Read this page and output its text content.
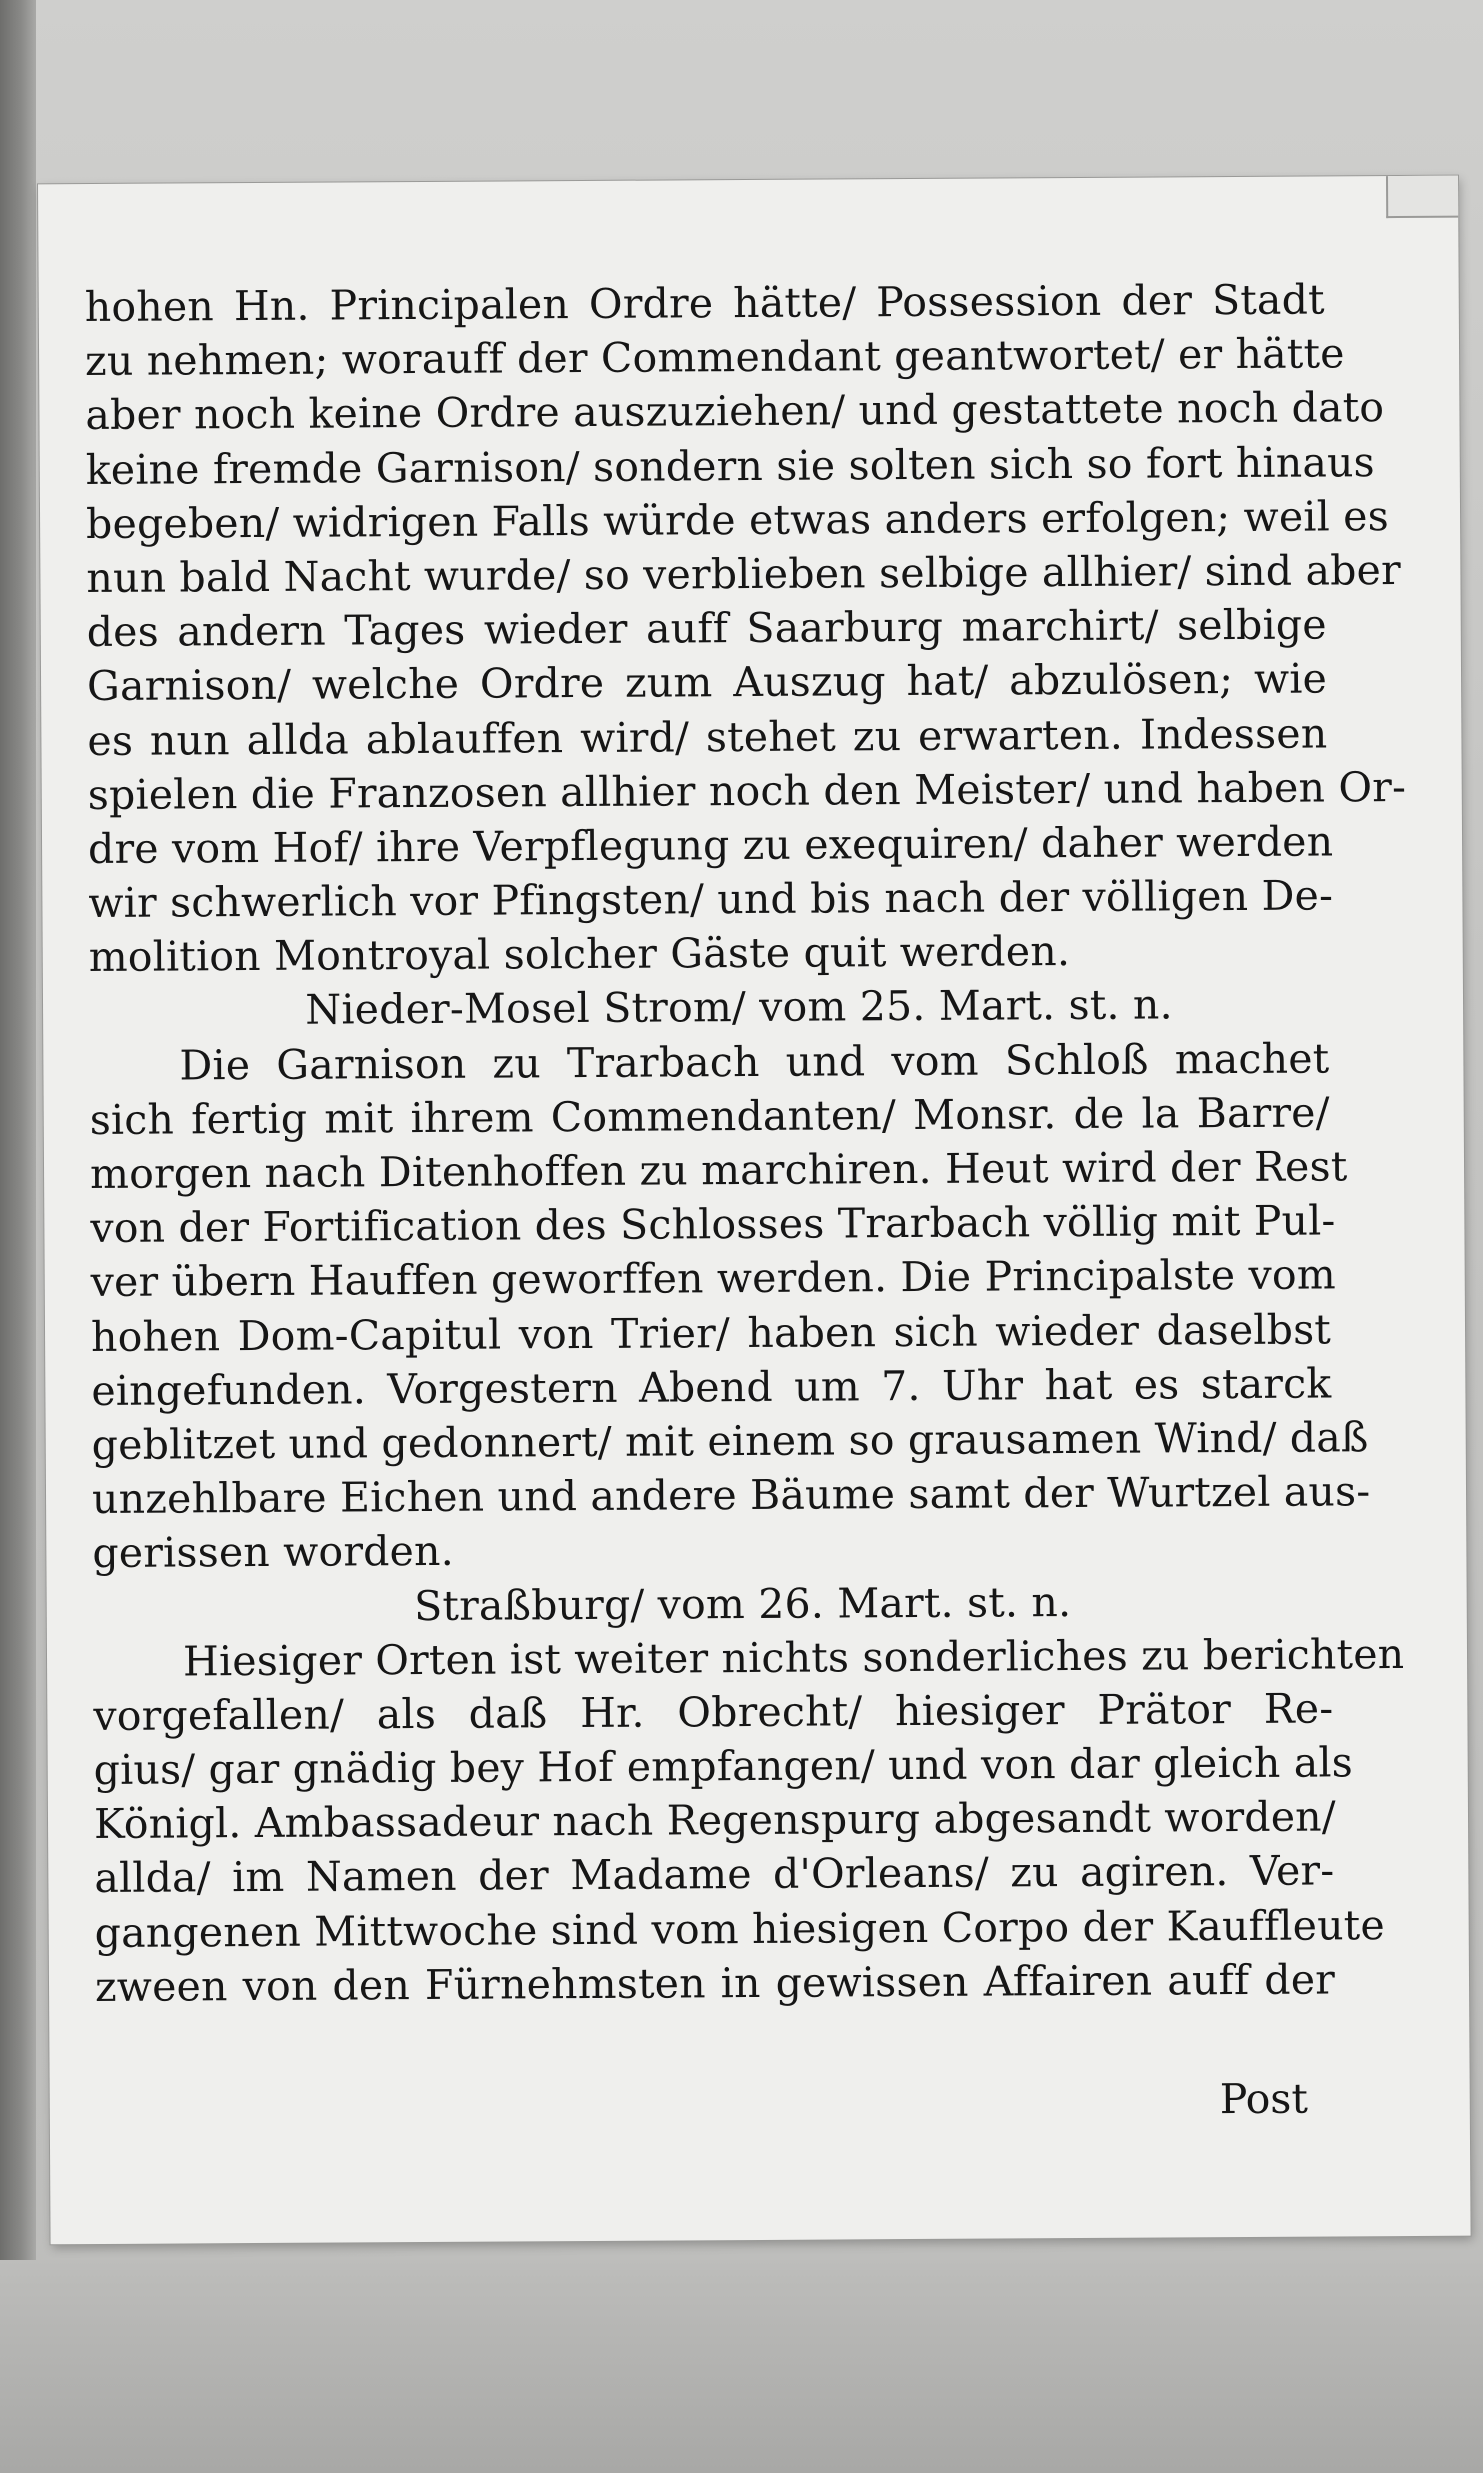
hohen Hn. Principalen Ordre hätte/ Possession der Stadt
zu nehmen; worauff der Commendant geantwortet/ er hätte
aber noch keine Ordre auszuziehen/ und gestattete noch dato
keine fremde Garnison/ sondern sie solten sich so fort hinaus
begeben/ widrigen Falls würde etwas anders erfolgen; weil es
nun bald Nacht wurde/ so verblieben selbige allhier/ sind aber
des andern Tages wieder auff Saarburg marchirt/ selbige
Garnison/ welche Ordre zum Auszug hat/ abzulösen; wie
es nun allda ablauffen wird/ stehet zu erwarten. Indessen
spielen die Franzosen allhier noch den Meister/ und haben Or-
dre vom Hof/ ihre Verpflegung zu exequiren/ daher werden
wir schwerlich vor Pfingsten/ und bis nach der völligen De-
molition Montroyal solcher Gäste quit werden.
Nieder-Mosel Strom/ vom 25. Mart. st. n.
Die Garnison zu Trarbach und vom Schloß machet
sich fertig mit ihrem Commendanten/ Monsr. de la Barre/
morgen nach Ditenhoffen zu marchiren. Heut wird der Rest
von der Fortification des Schlosses Trarbach völlig mit Pul-
ver übern Hauffen geworffen werden. Die Principalste vom
hohen Dom-Capitul von Trier/ haben sich wieder daselbst
eingefunden. Vorgestern Abend um 7. Uhr hat es starck
geblitzet und gedonnert/ mit einem so grausamen Wind/ daß
unzehlbare Eichen und andere Bäume samt der Wurtzel aus-
gerissen worden.
Straßburg/ vom 26. Mart. st. n.
Hiesiger Orten ist weiter nichts sonderliches zu berichten
vorgefallen/ als daß Hr. Obrecht/ hiesiger Prätor Re-
gius/ gar gnädig bey Hof empfangen/ und von dar gleich als
Königl. Ambassadeur nach Regenspurg abgesandt worden/
allda/ im Namen der Madame d'Orleans/ zu agiren. Ver-
gangenen Mittwoche sind vom hiesigen Corpo der Kauffleute
zween von den Fürnehmsten in gewissen Affairen auff der
Post
